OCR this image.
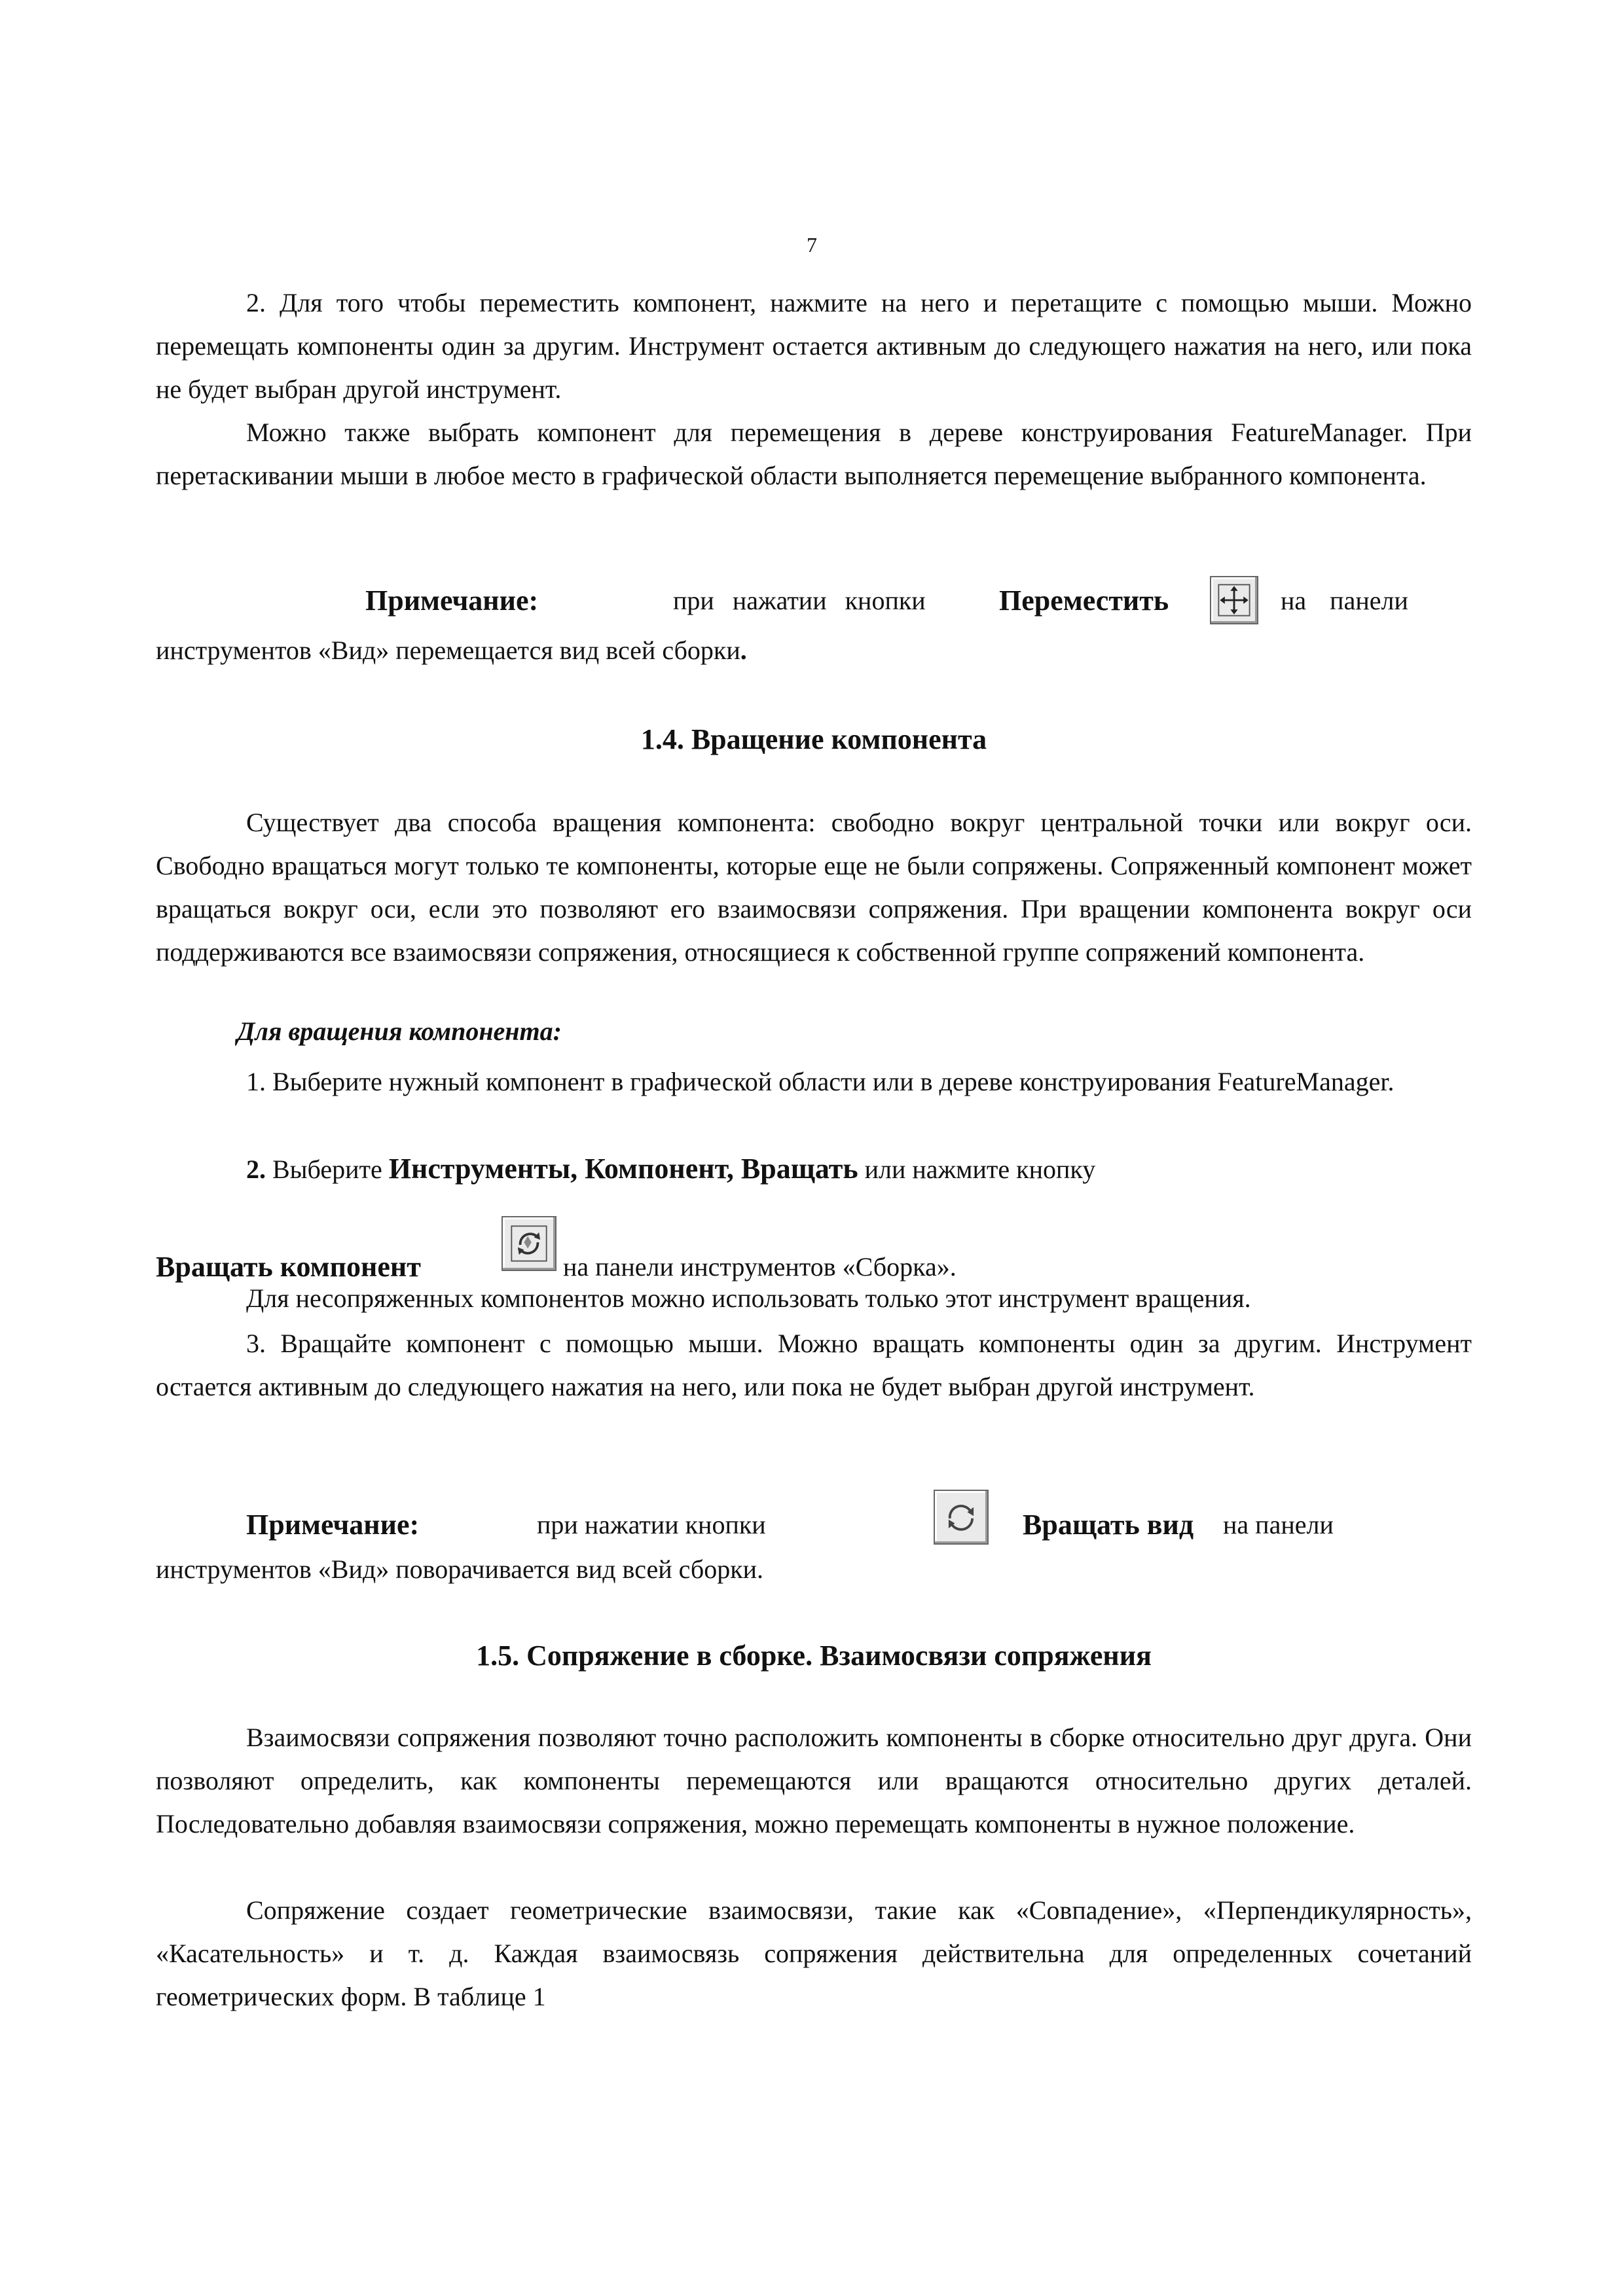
7

2. Для того чтобы переместить компонент, нажмите на него и перетащите с помощью мыши. Можно перемещать компоненты один за другим. Инструмент остается активным до следующего нажатия на него, или пока не будет выбран другой инструмент.

Можно также выбрать компонент для перемещения в дереве конструирования FeatureManager. При перетаскивании мыши в любое место в графической области выполняется перемещение выбранного компонента.

Примечание:	при нажатии кнопки	Переместить	на панели
инструментов «Вид» перемещается вид всей сборки.
1.4. Вращение компонента

Существует два способа вращения компонента: свободно вокруг центральной точки или вокруг оси. Свободно вращаться могут только те компоненты, которые еще не были сопряжены. Сопряженный компонент может вращаться вокруг оси, если это позволяют его взаимосвязи сопряжения. При вращении компонента вокруг оси поддерживаются все взаимосвязи сопряжения, относящиеся к собственной группе сопряжений компонента.

Для вращения компонента:

1. Выберите нужный компонент в графической области или в дереве конструирования FeatureManager.

2. Выберите Инструменты, Компонент, Вращать или нажмите кнопку
Вращать компонент	на панели инструментов «Сборка».
Для несопряженных компонентов можно использовать только этот инструмент вращения.

3. Вращайте компонент с помощью мыши. Можно вращать компоненты один за другим. Инструмент остается активным до следующего нажатия на него, или пока не будет выбран другой инструмент.

Примечание:	при нажатии кнопки	Вращать вид на панели
инструментов «Вид» поворачивается вид всей сборки.
1.5. Сопряжение в сборке. Взаимосвязи сопряжения

Взаимосвязи сопряжения позволяют точно расположить компоненты в сборке относительно друг друга. Они позволяют определить, как компоненты перемещаются или вращаются относительно других деталей. Последовательно добавляя взаимосвязи сопряжения, можно перемещать компоненты в нужное положение.

Сопряжение создает геометрические взаимосвязи, такие как «Совпадение», «Перпендикулярность», «Касательность» и т. д. Каждая взаимосвязь сопряжения действительна для определенных сочетаний геометрических форм. В таблице 1
